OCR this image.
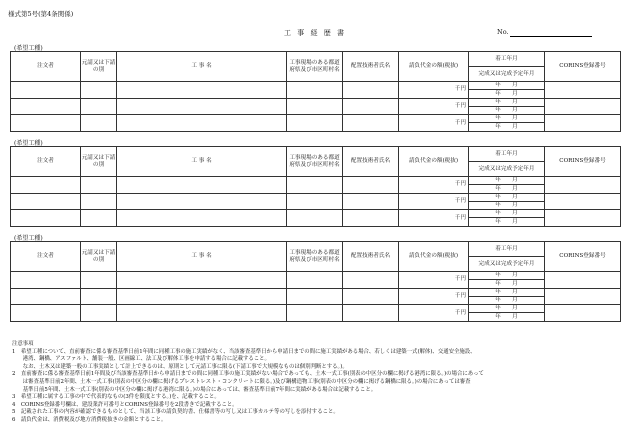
様式第5号(第4条関係)
工 事 経 歴 書	No.
(希望工種)
注文者	元請又は下請の別	工 事 名	工事現場のある都道府県及び市区町村名	配置技術者氏名	請負代金の額(税抜)	着工年月	CORINS登録番号
						完成又は完成予定年月	
					千円	年　　月	
						年　　月	
					千円	年　　月	
						年　　月	
					千円	年　　月	
						年　　月	
(希望工種)
注文者	元請又は下請の別	工 事 名	工事現場のある都道府県及び市区町村名	配置技術者氏名	請負代金の額(税抜)	着工年月	CORINS登録番号
						完成又は完成予定年月	
					千円	年　　月	
						年　　月	
					千円	年　　月	
						年　　月	
					千円	年　　月	
						年　　月	
(希望工種)
注文者	元請又は下請の別	工 事 名	工事現場のある都道府県及び市区町村名	配置技術者氏名	請負代金の額(税抜)	着工年月	CORINS登録番号
						完成又は完成予定年月	
					千円	年　　月	
						年　　月	
					千円	年　　月	
						年　　月	
					千円	年　　月	
						年　　月	
注意事項
1　希望工種について、直前審査に係る審査基準日前1年間に同種工事の施工実績がなく、当該審査基準日から申請日までの間に施工実績がある場合、若しくは建築一式(解体)、交通安全施設、
　　港湾、鋼橋、アスファルト、舗装一般、区画線工、法工及び解体工事を申請する場合に記載すること。
　　なお、土木又は建築一般の工事実績として計上できるのは、原則として元請工事に限る(下請工事で大規模なものは個別判断とする。)。
2　直前審査に係る審査基準日前1年間及び当該審査基準日から申請日までの間に同種工事の施工実績がない場合であっても、土木一式工事(別表の中区分の欄に掲げる港湾に限る。)の場合にあって
　　は審査基準日前2年間、土木一式工事(別表の中区分の欄に掲げるプレストレスト・コンクリートに限る。)及び鋼構造物工事(別表の中区分の欄に掲げる鋼橋に限る。)の場合にあっては審査
　　基準日前5年間、土木一式工事(別表の中区分の欄に掲げる港湾に限る。)の場合にあっては、審査基準日前7年間に実績がある場合は記載すること。
3　希望工種に属する工事の中で代表的なもの(3件を限度とする。)を、記載すること。
4　CORINS登録番号欄は、建設業許可番号とCORINS登録番号を2段書きで記載すること。
5　記載された工事の内容が確認できるものとして、当該工事の請負契約書、仕様書等の写し又は工事カルテ等の写しを添付すること。
6　請負代金は、消費税及び地方消費税抜きの金額とすること。
